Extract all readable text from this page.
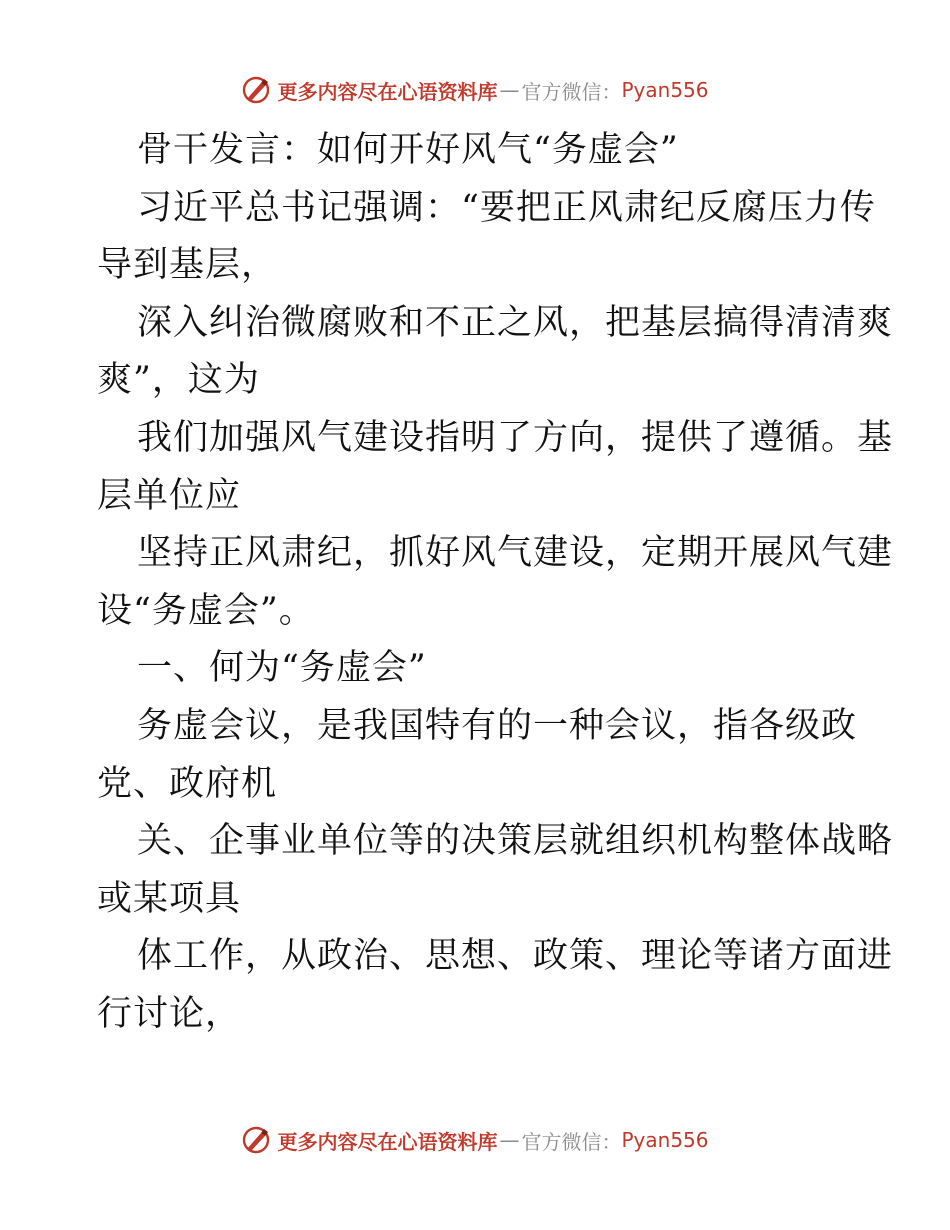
更多内容尽在心语资料库 — 官方微信： Pyan556
骨干发言：如何开好风气“务虚会”
习近平总书记强调：“要把正风肃纪反腐压力传
导到基层，
深入纠治微腐败和不正之风，把基层搞得清清爽
爽”，这为
我们加强风气建设指明了方向，提供了遵循。基
层单位应
坚持正风肃纪，抓好风气建设，定期开展风气建
设“务虚会”。
一、何为“务虚会”
务虚会议，是我国特有的一种会议，指各级政
党、政府机
关、企事业单位等的决策层就组织机构整体战略
或某项具
体工作，从政治、思想、政策、理论等诸方面进
行讨论，
更多内容尽在心语资料库 — 官方微信： Pyan556
